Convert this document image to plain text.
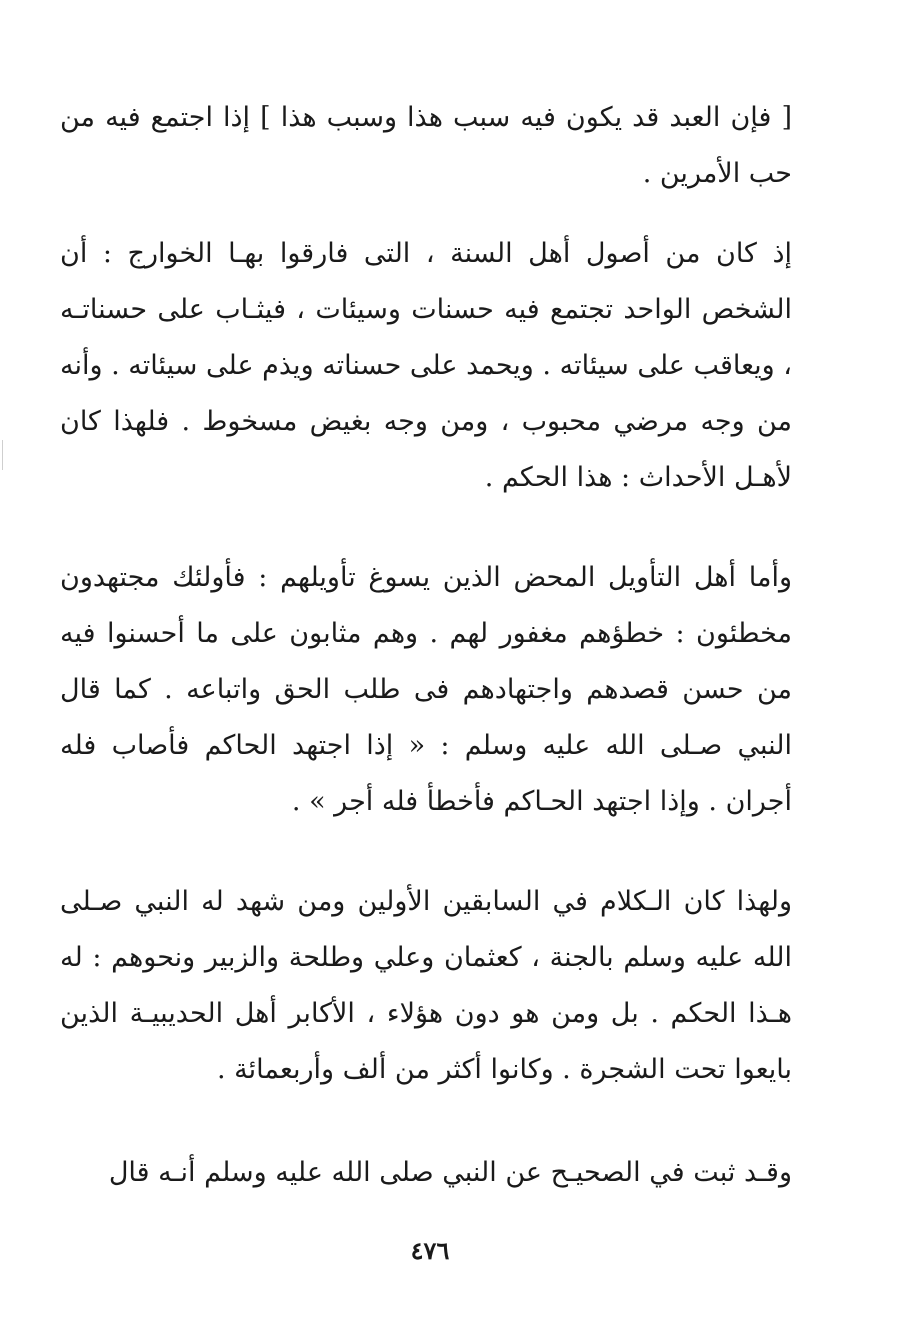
[ فإن العبد قد يكون فيه سبب هذا وسبب هذا ] إذا اجتمع فيه من حب الأمرين .

إذ كان من أصول أهل السنة ، التى فارقوا بهـا الخوارج : أن الشخص الواحد تجتمع فيه حسنات وسيئات ، فيثـاب على حسناتـه ، ويعاقب على سيئاته . ويحمد على حسناته ويذم على سيئاته . وأنه من وجه مرضي محبوب ، ومن وجه بغيض مسخوط . فلهذا كان لأهـل الأحداث : هذا الحكم .

وأما أهل التأويل المحض الذين يسوغ تأويلهم : فأولئك مجتهدون مخطئون : خطؤهم مغفور لهم . وهم مثابون على ما أحسنوا فيه من حسن قصدهم واجتهادهم فى طلب الحق واتباعه . كما قال النبي صـلى الله عليه وسلم : « إذا اجتهد الحاكم فأصاب فله أجران . وإذا اجتهد الحـاكم فأخطأ فله أجر » .

ولهذا كان الـكلام في السابقين الأولين ومن شهد له النبي صـلى الله عليه وسلم بالجنة ، كعثمان وعلي وطلحة والزبير ونحوهم : له هـذا الحكم . بل ومن هو دون هؤلاء ، الأكابر أهل الحديبيـة الذين بايعوا تحت الشجرة . وكانوا أكثر من ألف وأربعمائة .

وقـد ثبت في الصحيـح عن النبي صلى الله عليه وسلم أنـه قال

٤٧٦
